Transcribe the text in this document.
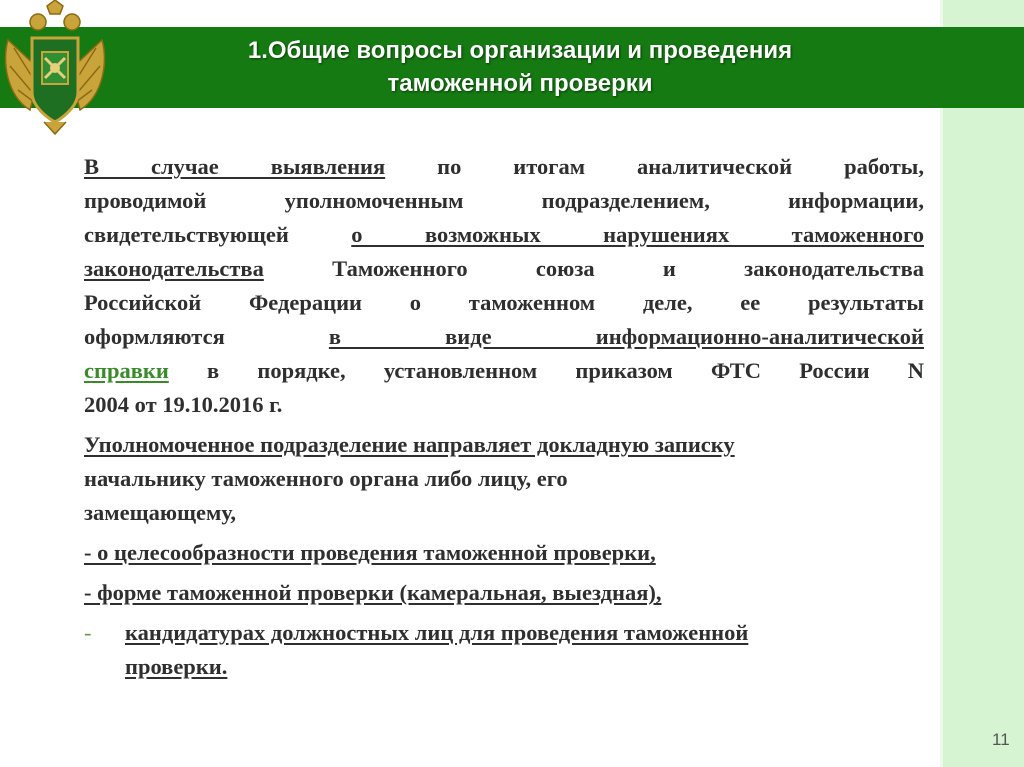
1.Общие вопросы организации и проведения
таможенной проверки
В случае выявления по итогам аналитической работы,
проводимой уполномоченным подразделением, информации,
свидетельствующей о возможных нарушениях таможенного
законодательства Таможенного союза и законодательства
Российской Федерации о таможенном деле, ее результаты
оформляются в виде информационно-аналитической
справки в порядке, установленном приказом ФТС России N
2004 от 19.10.2016 г.
Уполномоченное подразделение направляет докладную записку
начальнику таможенного органа либо лицу, его
замещающему,
- о целесообразности проведения таможенной проверки,
- форме таможенной проверки (камеральная, выездная),
- кандидатурах должностных лиц для проведения таможенной
проверки.
11
